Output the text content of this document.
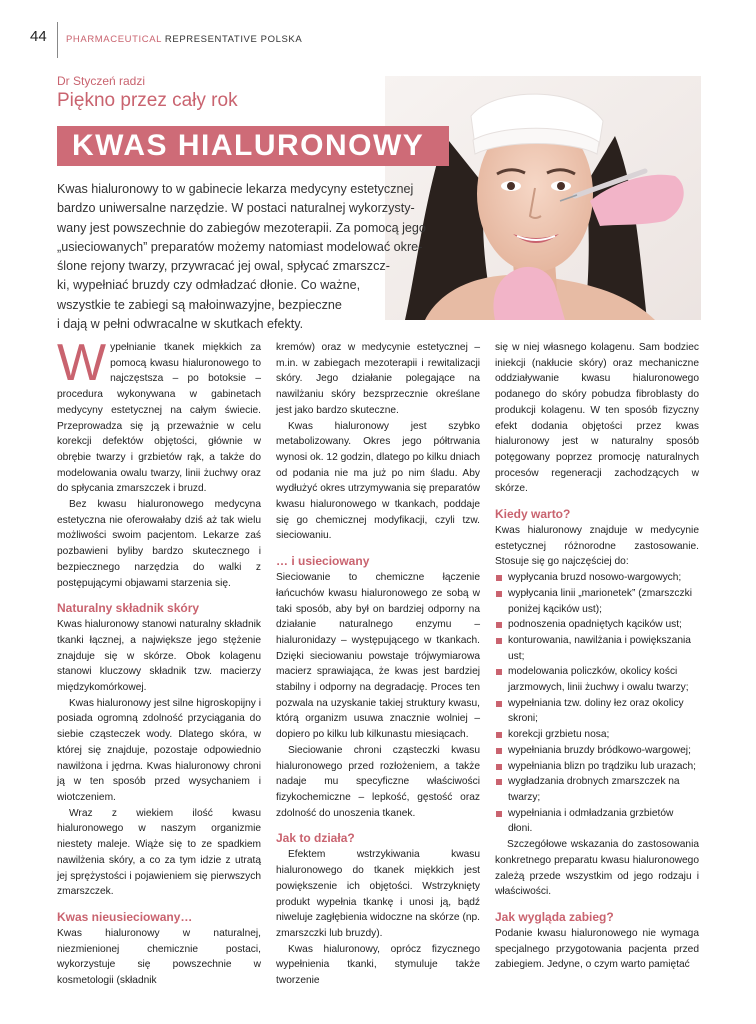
44 PHARMACEUTICAL REPRESENTATIVE POLSKA
Dr Styczeń radzi
Piękno przez cały rok
KWAS HIALURONOWY
Kwas hialuronowy to w gabinecie lekarza medycyny estetycznej
bardzo uniwersalne narzędzie. W postaci naturalnej wykorzysty-
wany jest powszechnie do zabiegów mezoterapii. Za pomocą jego
„usieciowanych” preparatów możemy natomiast modelować okre-
ślone rejony twarzy, przywracać jej owal, spłycać zmarszcz-
ki, wypełniać bruzdy czy odmładzać dłonie. Co ważne,
wszystkie te zabiegi są małoinwazyjne, bezpieczne
i dają w pełni odwracalne w skutkach efekty.

Wypełnianie tkanek miękkich za pomocą kwasu hialuronowego to najczęstsza – po botoksie – procedura wykonywana w gabinetach medycyny estetycznej na całym świecie. Przeprowadza się ją przeważnie w celu korekcji defektów objętości, głównie w obrębie twarzy i grzbietów rąk, a także do modelowania owalu twarzy, linii żuchwy oraz do spłycania zmarszczek i bruzd.

Bez kwasu hialuronowego medycyna estetyczna nie oferowałaby dziś aż tak wielu możliwości swoim pacjentom. Lekarze zaś pozbawieni byliby bardzo skutecznego i bezpiecznego narzędzia do walki z postępującymi objawami starzenia się.

Naturalny składnik skóry

Kwas hialuronowy stanowi naturalny składnik tkanki łącznej, a największe jego stężenie znajduje się w skórze. Obok kolagenu stanowi kluczowy składnik tzw. macierzy międzykomórkowej.

Kwas hialuronowy jest silne higroskopijny i posiada ogromną zdolność przyciągania do siebie cząsteczek wody. Dlatego skóra, w której się znajduje, pozostaje odpowiednio nawilżona i jędrna. Kwas hialuronowy chroni ją w ten sposób przed wysychaniem i wiotczeniem.

Wraz z wiekiem ilość kwasu hialuronowego w naszym organizmie niestety maleje. Wiąże się to ze spadkiem nawilżenia skóry, a co za tym idzie z utratą jej sprężystości i pojawieniem się pierwszych zmarszczek.

Kwas nieusieciowany…

Kwas hialuronowy w naturalnej, niezmienionej chemicznie postaci, wykorzystuje się powszechnie w kosmetologii (składnik

kremów) oraz w medycynie estetycznej – m.in. w zabiegach mezoterapii i rewitalizacji skóry. Jego działanie polegające na nawilżaniu skóry bezsprzecznie określane jest jako bardzo skuteczne.

Kwas hialuronowy jest szybko metabolizowany. Okres jego półtrwania wynosi ok. 12 godzin, dlatego po kilku dniach od podania nie ma już po nim śladu. Aby wydłużyć okres utrzymywania się preparatów kwasu hialuronowego w tkankach, poddaje się go chemicznej modyfikacji, czyli tzw. sieciowaniu.

… i usieciowany

Sieciowanie to chemiczne łączenie łańcuchów kwasu hialuronowego ze sobą w taki sposób, aby był on bardziej odporny na działanie naturalnego enzymu – hialuronidazy – występującego w tkankach. Dzięki sieciowaniu powstaje trójwymiarowa macierz sprawiająca, że kwas jest bardziej stabilny i odporny na degradację. Proces ten pozwala na uzyskanie takiej struktury kwasu, którą organizm usuwa znacznie wolniej – dopiero po kilku lub kilkunastu miesiącach.

Sieciowanie chroni cząsteczki kwasu hialuronowego przed rozłożeniem, a także nadaje mu specyficzne właściwości fizykochemiczne – lepkość, gęstość oraz zdolność do unoszenia tkanek.

Jak to działa?

Efektem wstrzykiwania kwasu hialuronowego do tkanek miękkich jest powiększenie ich objętości. Wstrzyknięty produkt wypełnia tkankę i unosi ją, bądź niweluje zagłębienia widoczne na skórze (np. zmarszczki lub bruzdy).

Kwas hialuronowy, oprócz fizycznego wypełnienia tkanki, stymuluje także tworzenie

się w niej własnego kolagenu. Sam bodziec iniekcji (nakłucie skóry) oraz mechaniczne oddziaływanie kwasu hialuronowego podanego do skóry pobudza fibroblasty do produkcji kolagenu. W ten sposób fizyczny efekt dodania objętości przez kwas hialuronowy jest w naturalny sposób potęgowany poprzez promocję naturalnych procesów regeneracji zachodzących w skórze.

Kiedy warto?

Kwas hialuronowy znajduje w medycynie estetycznej różnorodne zastosowanie. Stosuje się go najczęściej do:

wypłycania bruzd nosowo-wargowych;
wypłycania linii „marionetek” (zmarszczki poniżej kącików ust);
podnoszenia opadniętych kącików ust;
konturowania, nawilżania i powiększania ust;
modelowania policzków, okolicy kości jarzmowych, linii żuchwy i owalu twarzy;
wypełniania tzw. doliny łez oraz okolicy skroni;
korekcji grzbietu nosa;
wypełniania bruzdy bródkowo-wargowej;
wypełniania blizn po trądziku lub urazach;
wygładzania drobnych zmarszczek na twarzy;
wypełniania i odmładzania grzbietów dłoni.

Szczegółowe wskazania do zastosowania konkretnego preparatu kwasu hialuronowego zależą przede wszystkim od jego rodzaju i właściwości.

Jak wygląda zabieg?

Podanie kwasu hialuronowego nie wymaga specjalnego przygotowania pacjenta przed zabiegiem. Jedyne, o czym warto pamiętać
